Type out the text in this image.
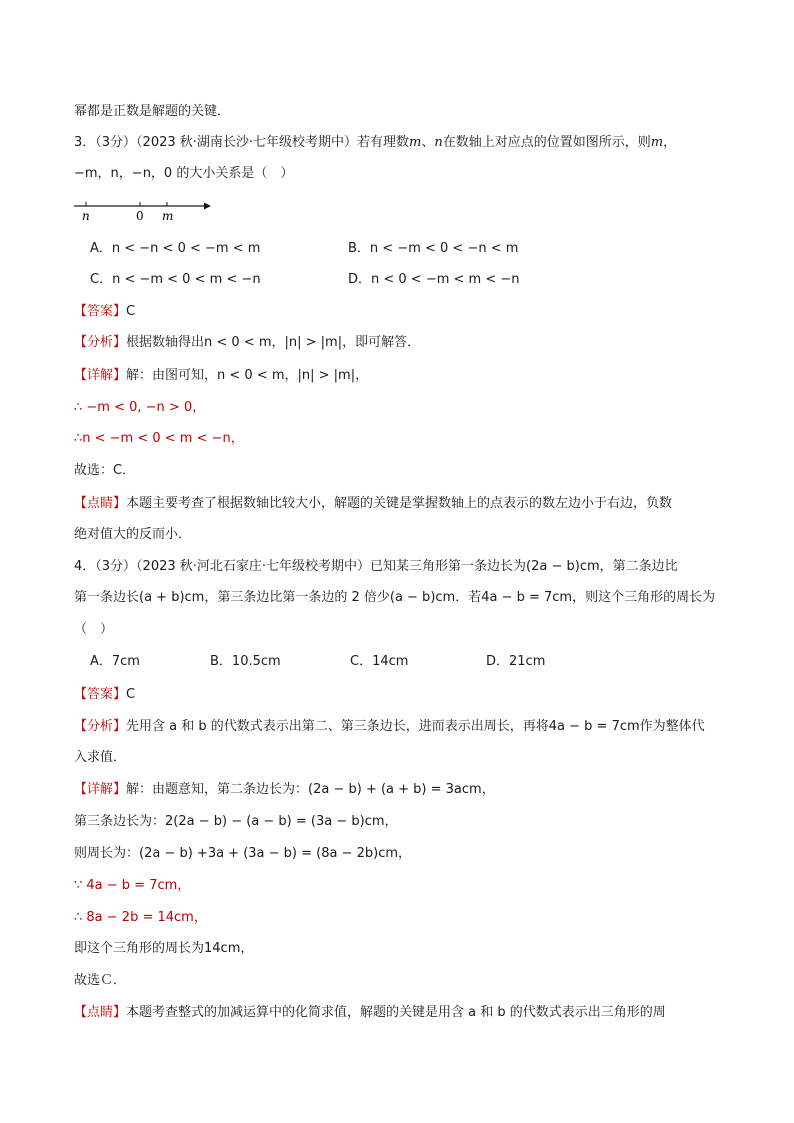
幂都是正数是解题的关键．
3．（3分）（2023 秋·湖南长沙·七年级校考期中）若有理数m、n在数轴上对应点的位置如图所示，则m，
−m，n，−n，0 的大小关系是（　）
n	0 m
A．n < −n < 0 < −m < m	B．n < −m < 0 < −n < m
C．n < −m < 0 < m < −n	D．n < 0 < −m < m < −n
【答案】C
【分析】根据数轴得出n < 0 < m，|n| > |m|，即可解答．
【详解】解：由图可知，n < 0 < m，|n| > |m|，
∴ −m < 0, −n > 0，
∴n < −m < 0 < m < −n，
故选：C．
【点睛】本题主要考查了根据数轴比较大小，解题的关键是掌握数轴上的点表示的数左边小于右边，负数
绝对值大的反而小．
4．（3分）（2023 秋·河北石家庄·七年级校考期中）已知某三角形第一条边长为(2a − b)cm，第二条边比
第一条边长(a + b)cm，第三条边比第一条边的 2 倍少(a − b)cm．若4a − b = 7cm，则这个三角形的周长为
（　）
A．7cm	B．10.5cm	C．14cm	D．21cm
【答案】C
【分析】先用含 a 和 b 的代数式表示出第二、第三条边长，进而表示出周长，再将4a − b = 7cm作为整体代
入求值．
【详解】解：由题意知，第二条边长为：(2a − b) + (a + b) = 3acm，
第三条边长为：2(2a − b) − (a − b) = (3a − b)cm，
则周长为：(2a − b) +3a + (3a − b) = (8a − 2b)cm，
∵ 4a − b = 7cm，
∴ 8a − 2b = 14cm，
即这个三角形的周长为14cm，
故选Ｃ．
【点睛】本题考查整式的加减运算中的化简求值，解题的关键是用含 a 和 b 的代数式表示出三角形的周
